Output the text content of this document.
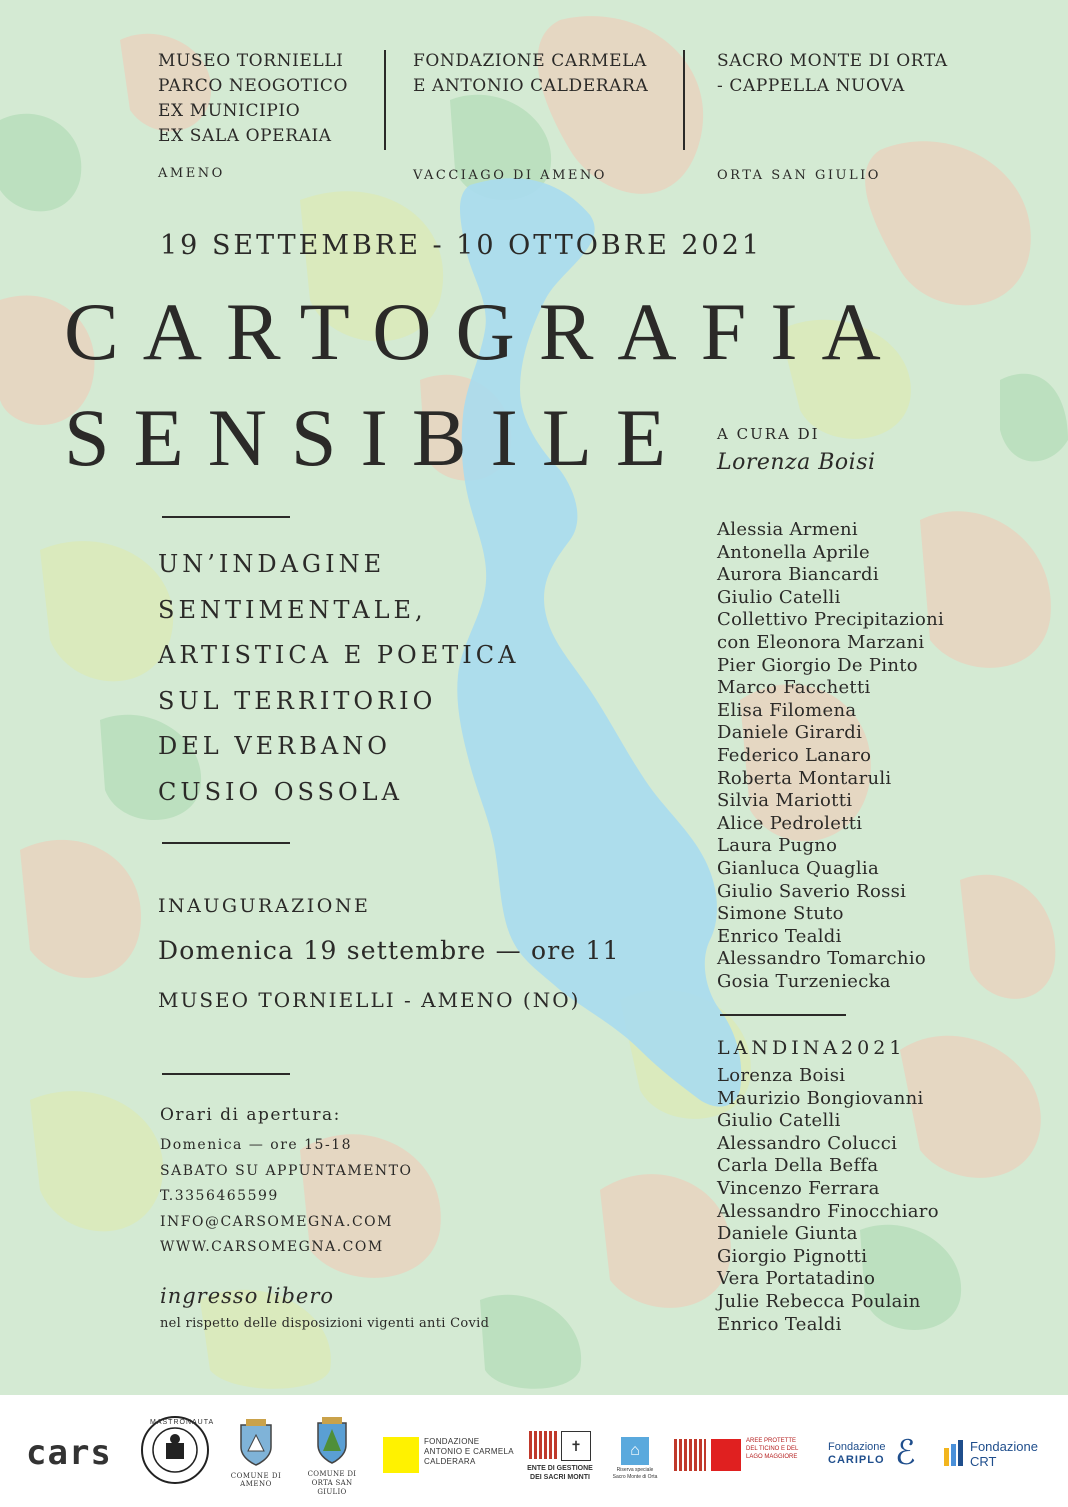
MUSEO TORNIELLI
PARCO NEOGOTICO
EX MUNICIPIO
EX SALA OPERAIA
AMENO
FONDAZIONE CARMELA
E ANTONIO CALDERARA
VACCIAGO DI AMENO
SACRO MONTE DI ORTA
- CAPPELLA NUOVA
ORTA SAN GIULIO
19 SETTEMBRE - 10 OTTOBRE 2021
CARTOGRAFIA
SENSIBILE A CURA DI
Lorenza Boisi
UN’INDAGINE
SENTIMENTALE,
ARTISTICA E POETICA
SUL TERRITORIO
DEL VERBANO
CUSIO OSSOLA
INAUGURAZIONE
Domenica 19 settembre — ore 11
MUSEO TORNIELLI - AMENO (NO)
Orari di apertura:
Domenica — ore 15-18
SABATO SU APPUNTAMENTO
T.3356465599
INFO@CARSOMEGNA.COM
WWW.CARSOMEGNA.COM
ingresso libero
nel rispetto delle disposizioni vigenti anti Covid
Alessia Armeni
Antonella Aprile
Aurora Biancardi
Giulio Catelli
Collettivo Precipitazioni
con Eleonora Marzani
Pier Giorgio De Pinto
Marco Facchetti
Elisa Filomena
Daniele Girardi
Federico Lanaro
Roberta Montaruli
Silvia Mariotti
Alice Pedroletti
Laura Pugno
Gianluca Quaglia
Giulio Saverio Rossi
Simone Stuto
Enrico Tealdi
Alessandro Tomarchio
Gosia Turzeniecka
LANDINA2021
Lorenza Boisi
Maurizio Bongiovanni
Giulio Catelli
Alessandro Colucci
Carla Della Beffa
Vincenzo Ferrara
Alessandro Finocchiaro
Daniele Giunta
Giorgio Pignotti
Vera Portatadino
Julie Rebecca Poulain
Enrico Tealdi
cars
MASTRONAUTA
COMUNE DI AMENO
COMUNE DI
ORTA SAN GIULIO
FONDAZIONE
ANTONIO E CARMELA
CALDERARA
✝
ENTE DI GESTIONE
DEI SACRI MONTI
⌂
Riserva speciale
Sacro Monte di Orta
AREE PROTETTE
DEL TICINO E DEL
LAGO MAGGIORE
Fondazione
CARIPLO ℰ	Fondazione
CRT
